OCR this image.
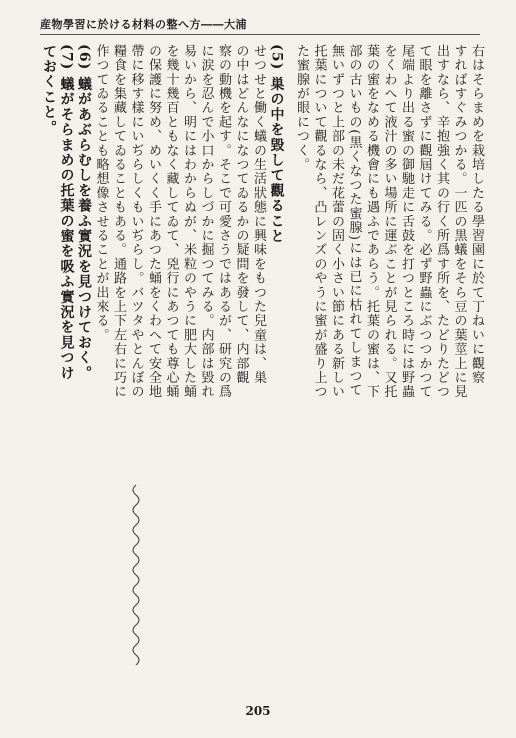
産物學習に於ける材料の整へ方――大浦
右はそらまめを栽培したる學習園に於て丁ねいに觀察
すればすぐみつかる。一匹の黒蟻をそら豆の葉莖上に見
出すなら、辛抱強く其の行く所爲す所を、たどりたどつ
て眼を離さずに觀屆けてみる。必ず野蟲にぶつつかつて
尾端より出る蜜の御馳走に舌鼓を打つところ時には野蟲
をくわへて液汁の多い場所に運ぶことが見られる。又托
葉の蜜をなめる機會にも遇ふであらう。托葉の蜜は、下
部の古いもの(黒くなつた蜜腺)には已に枯れてしまつて
無いずつと上部の未だ花蕾の固く小さい節にある新しい
托葉について觀るなら、凸レンズのやうに蜜が盛り上つ
た蜜腺が眼につく。
(5) 巣の中を毀して觀ること
せつせと働く蟻の生活狀態に興味をもつた兒童は、巣
の中はどんなになつてゐるかの疑問を發して、内部觀
察の動機を起す。そこで可愛さうではあるが、研究の爲
に涙を忍んで小口からしづかに掘つてみる。内部は毀れ
易いから、明にはわからぬが、米粒のやうに肥大した蛹
を幾十幾百ともなく藏してゐて、兇行にあつても尊心蛹
の保護に努め、めいくく手にあつた蛹をくわへて安全地
帶に移す樣にいぢらしくもいぢらし。バツタやとんぼの
糧食を集藏してゐることもある。通路を上下左右に巧に
作つてゐることも略想像させることが出來る。
(6) 蟻があぶらむしを養ふ實況を見つけておく。
(7) 蟻がそらまめの托葉の蜜を吸ふ實況を見つけ
ておくこと。
205
